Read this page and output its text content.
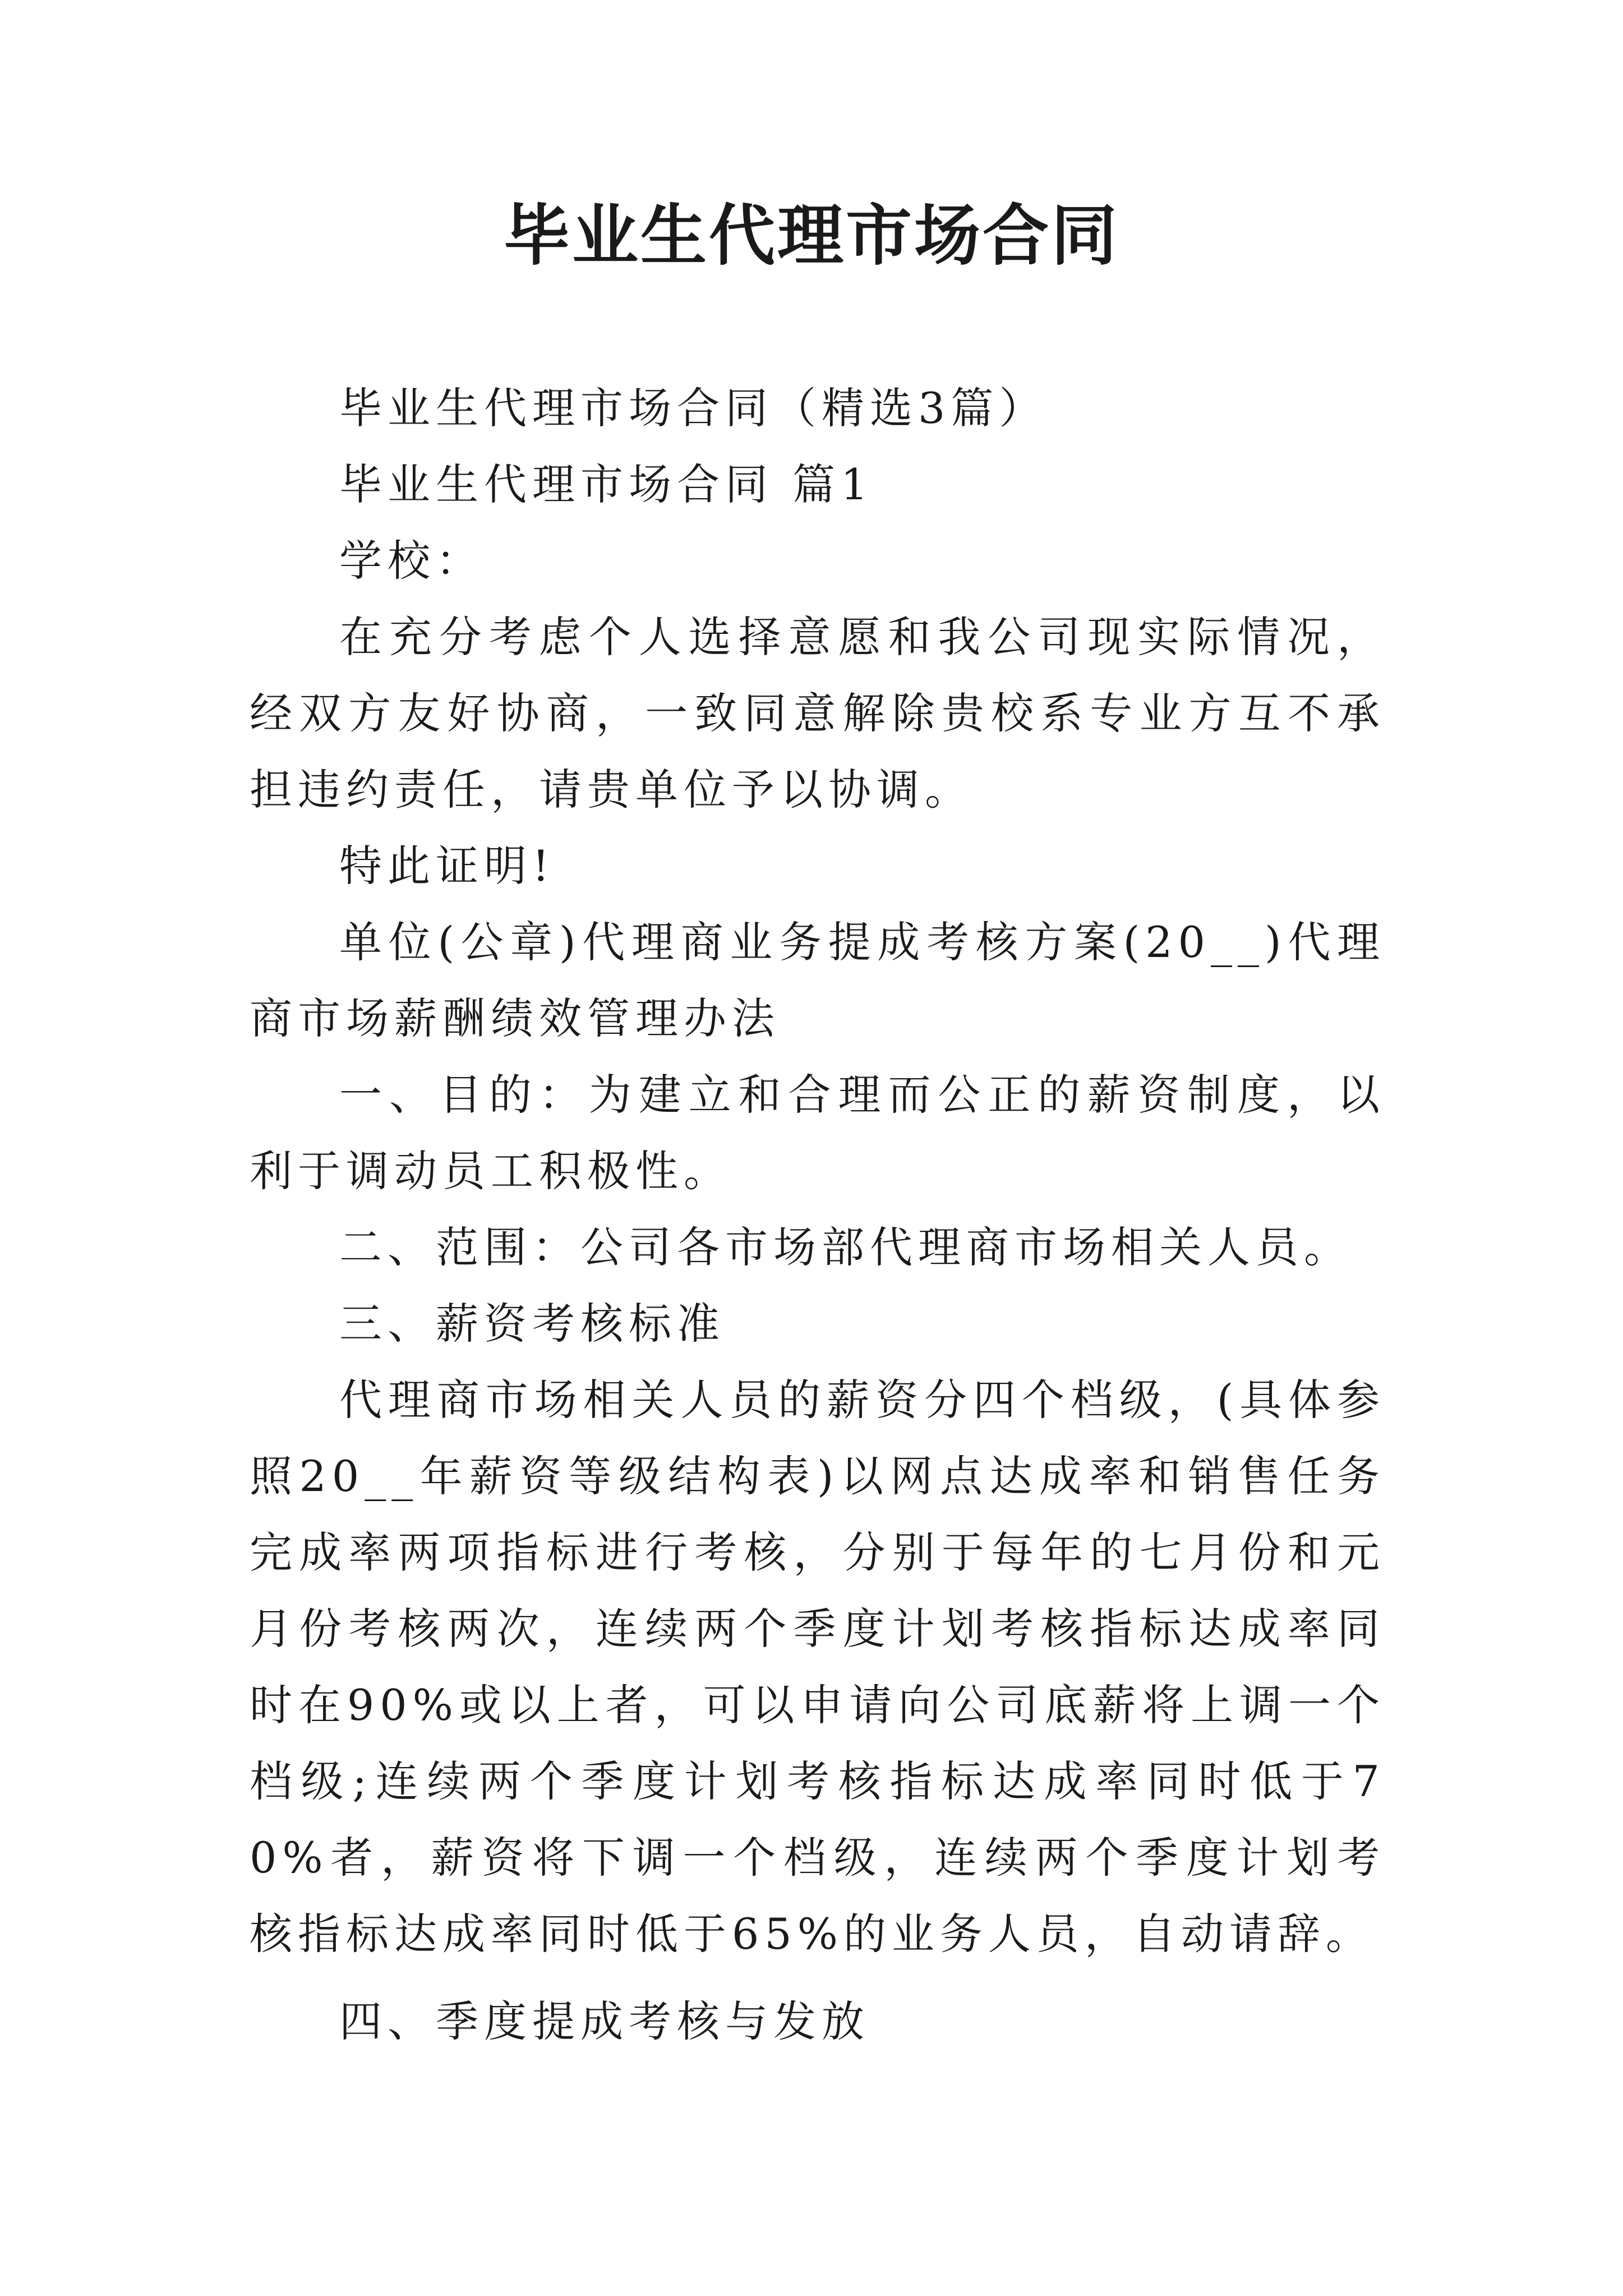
毕业生代理市场合同

毕业生代理市场合同（精选3篇）

毕业生代理市场合同 篇1

学校：

在充分考虑个人选择意愿和我公司现实际情况，经双方友好协商，一致同意解除贵校系专业方互不承担违约责任，请贵单位予以协调。

特此证明!

单位(公章)代理商业务提成考核方案(20__)代理商市场薪酬绩效管理办法

一、目的：为建立和合理而公正的薪资制度，以利于调动员工积极性。

二、范围：公司各市场部代理商市场相关人员。

三、薪资考核标准

代理商市场相关人员的薪资分四个档级，(具体参照20__年薪资等级结构表)以网点达成率和销售任务完成率两项指标进行考核，分别于每年的七月份和元月份考核两次，连续两个季度计划考核指标达成率同时在90%或以上者，可以申请向公司底薪将上调一个档级;连续两个季度计划考核指标达成率同时低于70%者，薪资将下调一个档级，连续两个季度计划考核指标达成率同时低于65%的业务人员，自动请辞。

四、季度提成考核与发放
